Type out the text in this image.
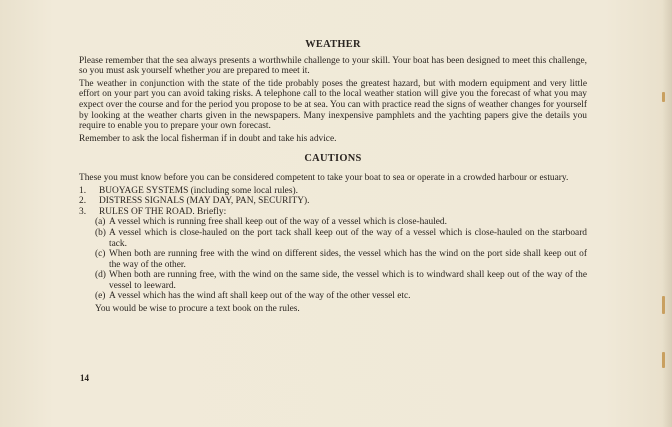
WEATHER

Please remember that the sea always presents a worthwhile challenge to your skill. Your boat has been designed to meet this challenge, so you must ask yourself whether you are prepared to meet it.

The weather in conjunction with the state of the tide probably poses the greatest hazard, but with modern equipment and very little effort on your part you can avoid taking risks. A telephone call to the local weather station will give you the forecast of what you may expect over the course and for the period you propose to be at sea. You can with practice read the signs of weather changes for yourself by looking at the weather charts given in the newspapers. Many inexpensive pamphlets and the yachting papers give the details you require to enable you to prepare your own forecast.

Remember to ask the local fisherman if in doubt and take his advice.

CAUTIONS

These you must know before you can be considered competent to take your boat to sea or operate in a crowded harbour or estuary.

1.	BUOYAGE SYSTEMS (including some local rules).
2.	DISTRESS SIGNALS (MAY DAY, PAN, SECURITY).
3.	RULES OF THE ROAD. Briefly:
(a) A vessel which is running free shall keep out of the way of a vessel which is close-hauled.
(b) A vessel which is close-hauled on the port tack shall keep out of the way of a vessel which is close-hauled on the starboard tack.
(c) When both are running free with the wind on different sides, the vessel which has the wind on the port side shall keep out of the way of the other.
(d) When both are running free, with the wind on the same side, the vessel which is to windward shall keep out of the way of the vessel to leeward.
(e) A vessel which has the wind aft shall keep out of the way of the other vessel etc.

You would be wise to procure a text book on the rules.

14
